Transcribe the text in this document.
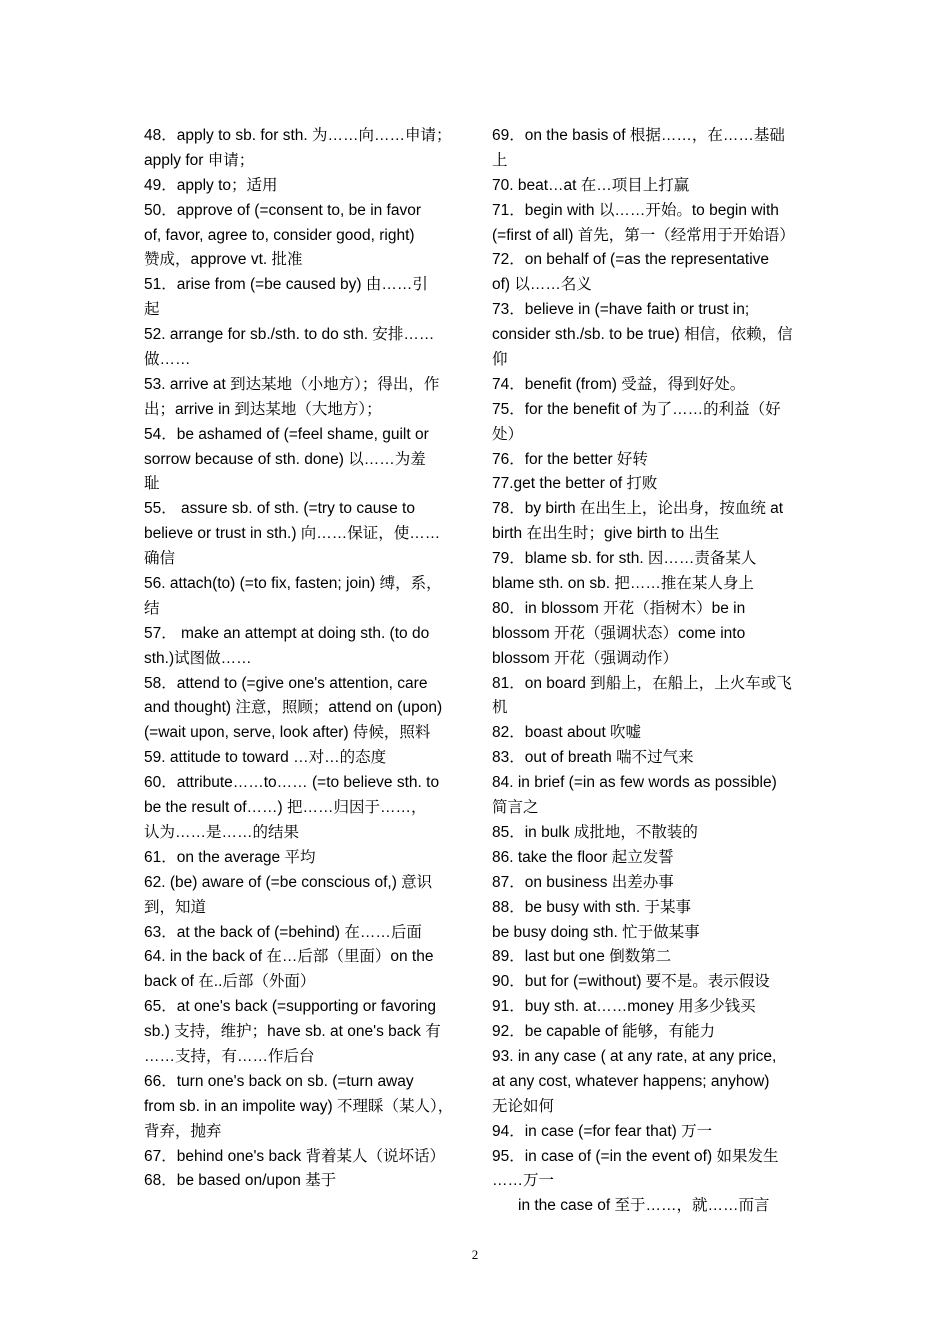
48．apply to sb. for sth. 为……向……申请；
apply for 申请；
49．apply to；适用
50．approve of (=consent to, be in favor
of, favor, agree to, consider good, right)
赞成，approve vt. 批准
51．arise from (=be caused by) 由……引
起
52. arrange for sb./sth. to do sth. 安排……
做……
53. arrive at 到达某地（小地方）；得出，作
出；arrive in 到达某地（大地方）；
54．be ashamed of (=feel shame, guilt or
sorrow because of sth. done) 以……为羞
耻
55． assure sb. of sth. (=try to cause to
believe or trust in sth.) 向……保证，使……
确信
56. attach(to) (=to fix, fasten; join) 缚，系，
结
57． make an attempt at doing sth. (to do
sth.)试图做……
58．attend to (=give one's attention, care
and thought) 注意，照顾；attend on (upon)
(=wait upon, serve, look after) 侍候，照料
59. attitude to toward …对…的态度
60．attribute……to…… (=to believe sth. to
be the result of……) 把……归因于……，
认为……是……的结果
61．on the average 平均
62. (be) aware of (=be conscious of,) 意识
到，知道
63．at the back of (=behind) 在……后面
64. in the back of 在…后部（里面）on the
back of 在..后部（外面）
65．at one's back (=supporting or favoring
sb.) 支持，维护；have sb. at one's back 有
……支持，有……作后台
66．turn one's back on sb. (=turn away
from sb. in an impolite way) 不理睬（某人），
背弃，抛弃
67．behind one's back 背着某人（说坏话）
68．be based on/upon 基于
69．on the basis of 根据……，在……基础
上
70. beat…at 在…项目上打赢
71．begin with 以……开始。to begin with
(=first of all) 首先，第一（经常用于开始语）
72．on behalf of (=as the representative
of) 以……名义
73．believe in (=have faith or trust in;
consider sth./sb. to be true) 相信，依赖，信
仰
74．benefit (from) 受益，得到好处。
75．for the benefit of 为了……的利益（好
处）
76．for the better 好转
77.get the better of 打败
78．by birth 在出生上，论出身，按血统 at
birth 在出生时；give birth to 出生
79．blame sb. for sth. 因……责备某人
blame sth. on sb. 把……推在某人身上
80．in blossom 开花（指树木）be in
blossom 开花（强调状态）come into
blossom 开花（强调动作）
81．on board 到船上，在船上，上火车或飞
机
82．boast about 吹嘘
83．out of breath 喘不过气来
84. in brief (=in as few words as possible)
简言之
85．in bulk 成批地，不散装的
86. take the floor 起立发誓
87．on business 出差办事
88．be busy with sth. 于某事
be busy doing sth. 忙于做某事
89．last but one 倒数第二
90．but for (=without) 要不是。表示假设
91．buy sth. at……money 用多少钱买
92．be capable of 能够，有能力
93. in any case ( at any rate, at any price,
at any cost, whatever happens; anyhow)
无论如何
94．in case (=for fear that) 万一
95．in case of (=in the event of) 如果发生
……万一
in the case of 至于……，就……而言
2
